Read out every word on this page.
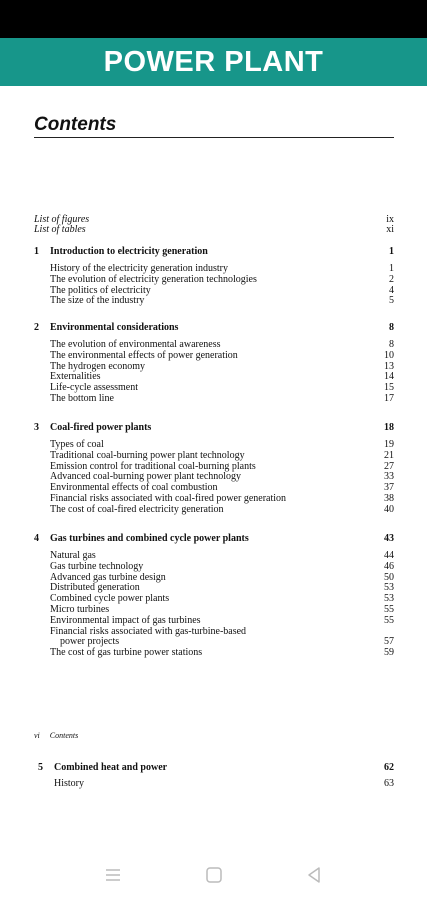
POWER PLANT
Contents
List of figures	ix
List of tables	xi
1 Introduction to electricity generation	1
History of the electricity generation industry	1
The evolution of electricity generation technologies	2
The politics of electricity	4
The size of the industry	5
2 Environmental considerations	8
The evolution of environmental awareness	8
The environmental effects of power generation	10
The hydrogen economy	13
Externalities	14
Life-cycle assessment	15
The bottom line	17
3 Coal-fired power plants	18
Types of coal	19
Traditional coal-burning power plant technology	21
Emission control for traditional coal-burning plants	27
Advanced coal-burning power plant technology	33
Environmental effects of coal combustion	37
Financial risks associated with coal-fired power generation	38
The cost of coal-fired electricity generation	40
4 Gas turbines and combined cycle power plants	43
Natural gas	44
Gas turbine technology	46
Advanced gas turbine design	50
Distributed generation	53
Combined cycle power plants	53
Micro turbines	55
Environmental impact of gas turbines	55
Financial risks associated with gas-turbine-based
power projects	57
The cost of gas turbine power stations	59
vi Contents
5 Combined heat and power	62
History	63
